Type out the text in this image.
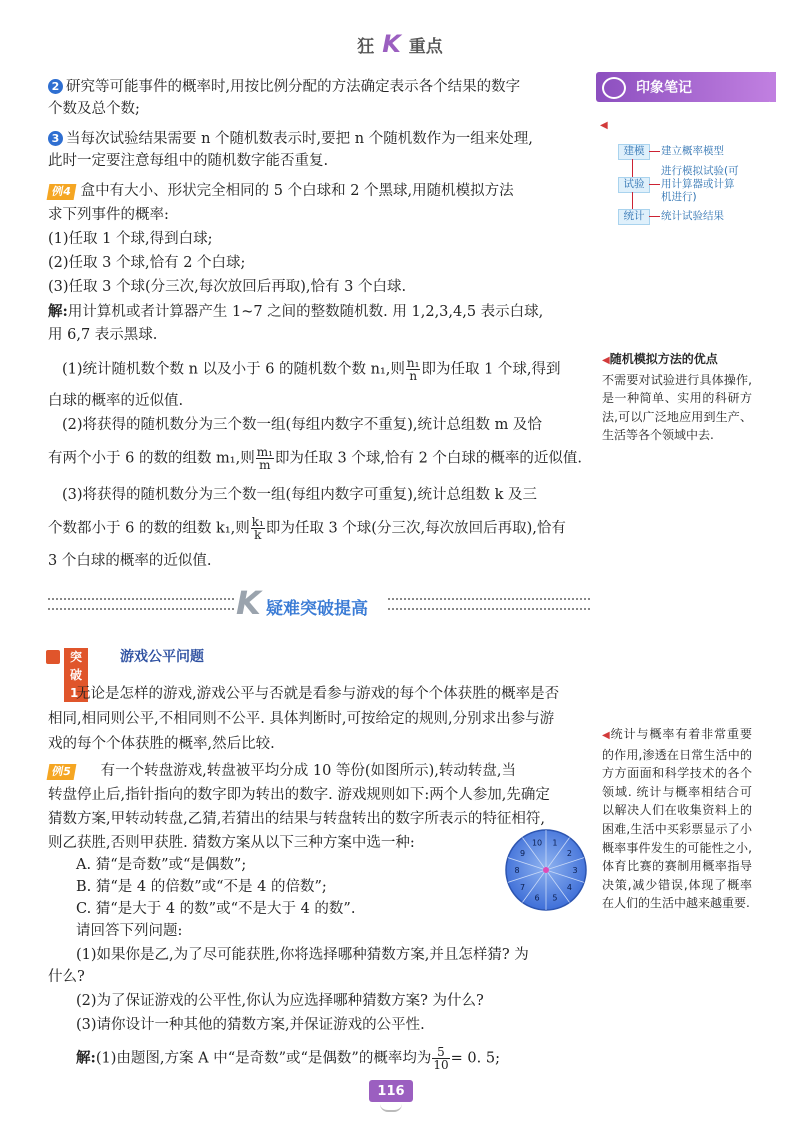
狂 K 重点
印象笔记

2 研究等可能事件的概率时,用按比例分配的方法确定表示各个结果的数字

个数及总个数;

3 当每次试验结果需要 n 个随机数表示时,要把 n 个随机数作为一组来处理,

此时一定要注意每组中的随机数字能否重复.

◀
建模	建立概率模型
试验
进行模拟试验(可用计算器或计算机进行)
统计	统计试验结果

例4 盒中有大小、形状完全相同的 5 个白球和 2 个黑球,用随机模拟方法

求下列事件的概率:

(1)任取 1 个球,得到白球;

(2)任取 3 个球,恰有 2 个白球;

(3)任取 3 个球(分三次,每次放回后再取),恰有 3 个白球.

解:用计算机或者计算器产生 1~7 之间的整数随机数. 用 1,2,3,4,5 表示白球,

用 6,7 表示黑球.

(1)统计随机数个数 n 以及小于 6 的随机数个数 n₁,则 $\frac{\text{n₁}}{n}$ 即为任取 1 个球,得到

白球的概率的近似值.

(2)将获得的随机数分为三个数一组(每组内数字不重复),统计总组数 m 及恰

有两个小于 6 的数的组数 m₁,则 $\frac{\text{m₁}}{m}$ 即为任取 3 个球,恰有 2 个白球的概率的近似值.

(3)将获得的随机数分为三个数一组(每组内数字可重复),统计总组数 k 及三

个数都小于 6 的数的组数 k₁,则 $\frac{\text{k₁}}{k}$ 即为任取 3 个球(分三次,每次放回后再取),恰有

3 个白球的概率的近似值.

◀随机模拟方法的优点
不需要对试验进行具体操作,是一种简单、实用的科研方法,可以广泛地应用到生产、生活等各个领域中去.
K 疑难突破提高
突破1
游戏公平问题

无论是怎样的游戏,游戏公平与否就是看参与游戏的每个个体获胜的概率是否

相同,相同则公平,不相同则不公平. 具体判断时,可按给定的规则,分别求出参与游

戏的每个个体获胜的概率,然后比较.

例5 有一个转盘游戏,转盘被平均分成 10 等份(如图所示),转动转盘,当

转盘停止后,指针指向的数字即为转出的数字. 游戏规则如下:两个人参加,先确定

猜数方案,甲转动转盘,乙猜,若猜出的结果与转盘转出的数字所表示的特征相符,

则乙获胜,否则甲获胜. 猜数方案从以下三种方案中选一种:

A. 猜“是奇数”或“是偶数”;

B. 猜“是 4 的倍数”或“不是 4 的倍数”;

C. 猜“是大于 4 的数”或“不是大于 4 的数”.

请回答下列问题:

(1)如果你是乙,为了尽可能获胜,你将选择哪种猜数方案,并且怎样猜? 为

什么?

(2)为了保证游戏的公平性,你认为应选择哪种猜数方案? 为什么?

(3)请你设计一种其他的猜数方案,并保证游戏的公平性.

解:(1)由题图,方案 A 中“是奇数”或“是偶数”的概率均为 $\frac{5}{10} = 0$. 5;

1
2
3
4
5
6
7
8
9
10
◀统计与概率有着非常重要的作用,渗透在日常生活中的方方面面和科学技术的各个领域. 统计与概率相结合可以解决人们在收集资料上的困难,生活中买彩票显示了小概率事件发生的可能性之小,体育比赛的赛制用概率指导决策,减少错误,体现了概率在人们的生活中越来越重要.
116
